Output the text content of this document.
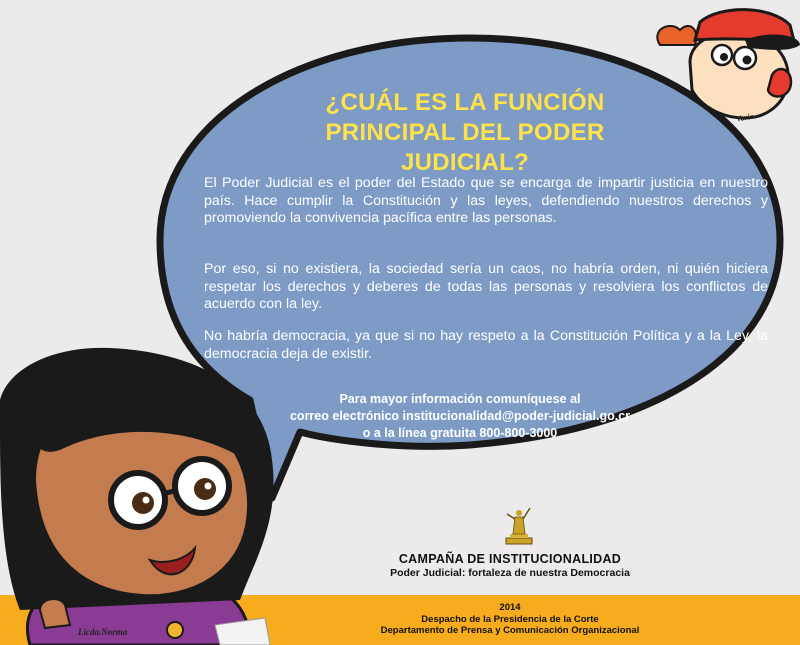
¿CUÁL ES LA FUNCIÓN
PRINCIPAL DEL PODER JUDICIAL?
El Poder Judicial es el poder del Estado que se encarga de impartir justicia en nuestro país. Hace cumplir la Constitución y las leyes, defendiendo nuestros derechos y promoviendo la convivencia pacífica entre las personas.
Por eso, si no existiera, la sociedad sería un caos, no habría orden, ni quién hiciera respetar los derechos y deberes de todas las personas y resolviera los conflictos de acuerdo con la ley.
No habría democracia, ya que si no hay respeto a la Constitución Política y a la Ley, la democracia deja de existir.
Para mayor información comuníquese al
correo electrónico institucionalidad@poder-judicial.go.cr
o a la línea gratuita 800-800-3000
CAMPAÑA DE INSTITUCIONALIDAD
Poder Judicial: fortaleza de nuestra Democracia
2014
Despacho de la Presidencia de la Corte
Departamento de Prensa y Comunicación Organizacional
Licda.Norma
Vario
